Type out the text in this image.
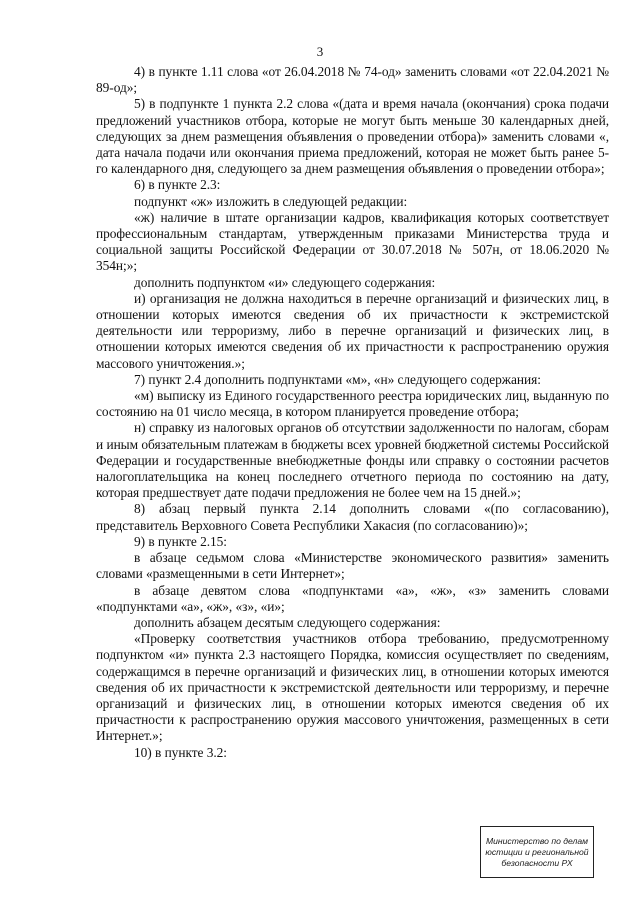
3

4) в пункте 1.11 слова «от 26.04.2018 № 74-од» заменить словами «от 22.04.2021 № 89-од»;

5) в подпункте 1 пункта 2.2 слова «(дата и время начала (окончания) срока подачи предложений участников отбора, которые не могут быть меньше 30 календарных дней, следующих за днем размещения объявления о проведении отбора)» заменить словами «, дата начала подачи или окончания приема предложений, которая не может быть ранее 5-го календарного дня, следующего за днем размещения объявления о проведении отбора»;

6) в пункте 2.3:

подпункт «ж» изложить в следующей редакции:

«ж) наличие в штате организации кадров, квалификация которых соответствует профессиональным стандартам, утвержденным приказами Министерства труда и социальной защиты Российской Федерации от 30.07.2018 № 507н, от 18.06.2020 № 354н;»;

дополнить подпунктом «и» следующего содержания:

и) организация не должна находиться в перечне организаций и физических лиц, в отношении которых имеются сведения об их причастности к экстремистской деятельности или терроризму, либо в перечне организаций и физических лиц, в отношении которых имеются сведения об их причастности к распространению оружия массового уничтожения.»;

7) пункт 2.4 дополнить подпунктами «м», «н» следующего содержания:

«м) выписку из Единого государственного реестра юридических лиц, выданную по состоянию на 01 число месяца, в котором планируется проведение отбора;

н) справку из налоговых органов об отсутствии задолженности по налогам, сборам и иным обязательным платежам в бюджеты всех уровней бюджетной системы Российской Федерации и государственные внебюджетные фонды или справку о состоянии расчетов налогоплательщика на конец последнего отчетного периода по состоянию на дату, которая предшествует дате подачи предложения не более чем на 15 дней.»;

8) абзац первый пункта 2.14 дополнить словами «(по согласованию), представитель Верховного Совета Республики Хакасия (по согласованию)»;

9) в пункте 2.15:

в абзаце седьмом слова «Министерстве экономического развития» заменить словами «размещенными в сети Интернет»;

в абзаце девятом слова «подпунктами «а», «ж», «з» заменить словами «подпунктами «а», «ж», «з», «и»;

дополнить абзацем десятым следующего содержания:

«Проверку соответствия участников отбора требованию, предусмотренному подпунктом «и» пункта 2.3 настоящего Порядка, комиссия осуществляет по сведениям, содержащимся в перечне организаций и физических лиц, в отношении которых имеются сведения об их причастности к экстремистской деятельности или терроризму, и перечне организаций и физических лиц, в отношении которых имеются сведения об их причастности к распространению оружия массового уничтожения, размещенных в сети Интернет.»;

10) в пункте 3.2:

Министерство по делам
юстиции и региональной
безопасности РХ
